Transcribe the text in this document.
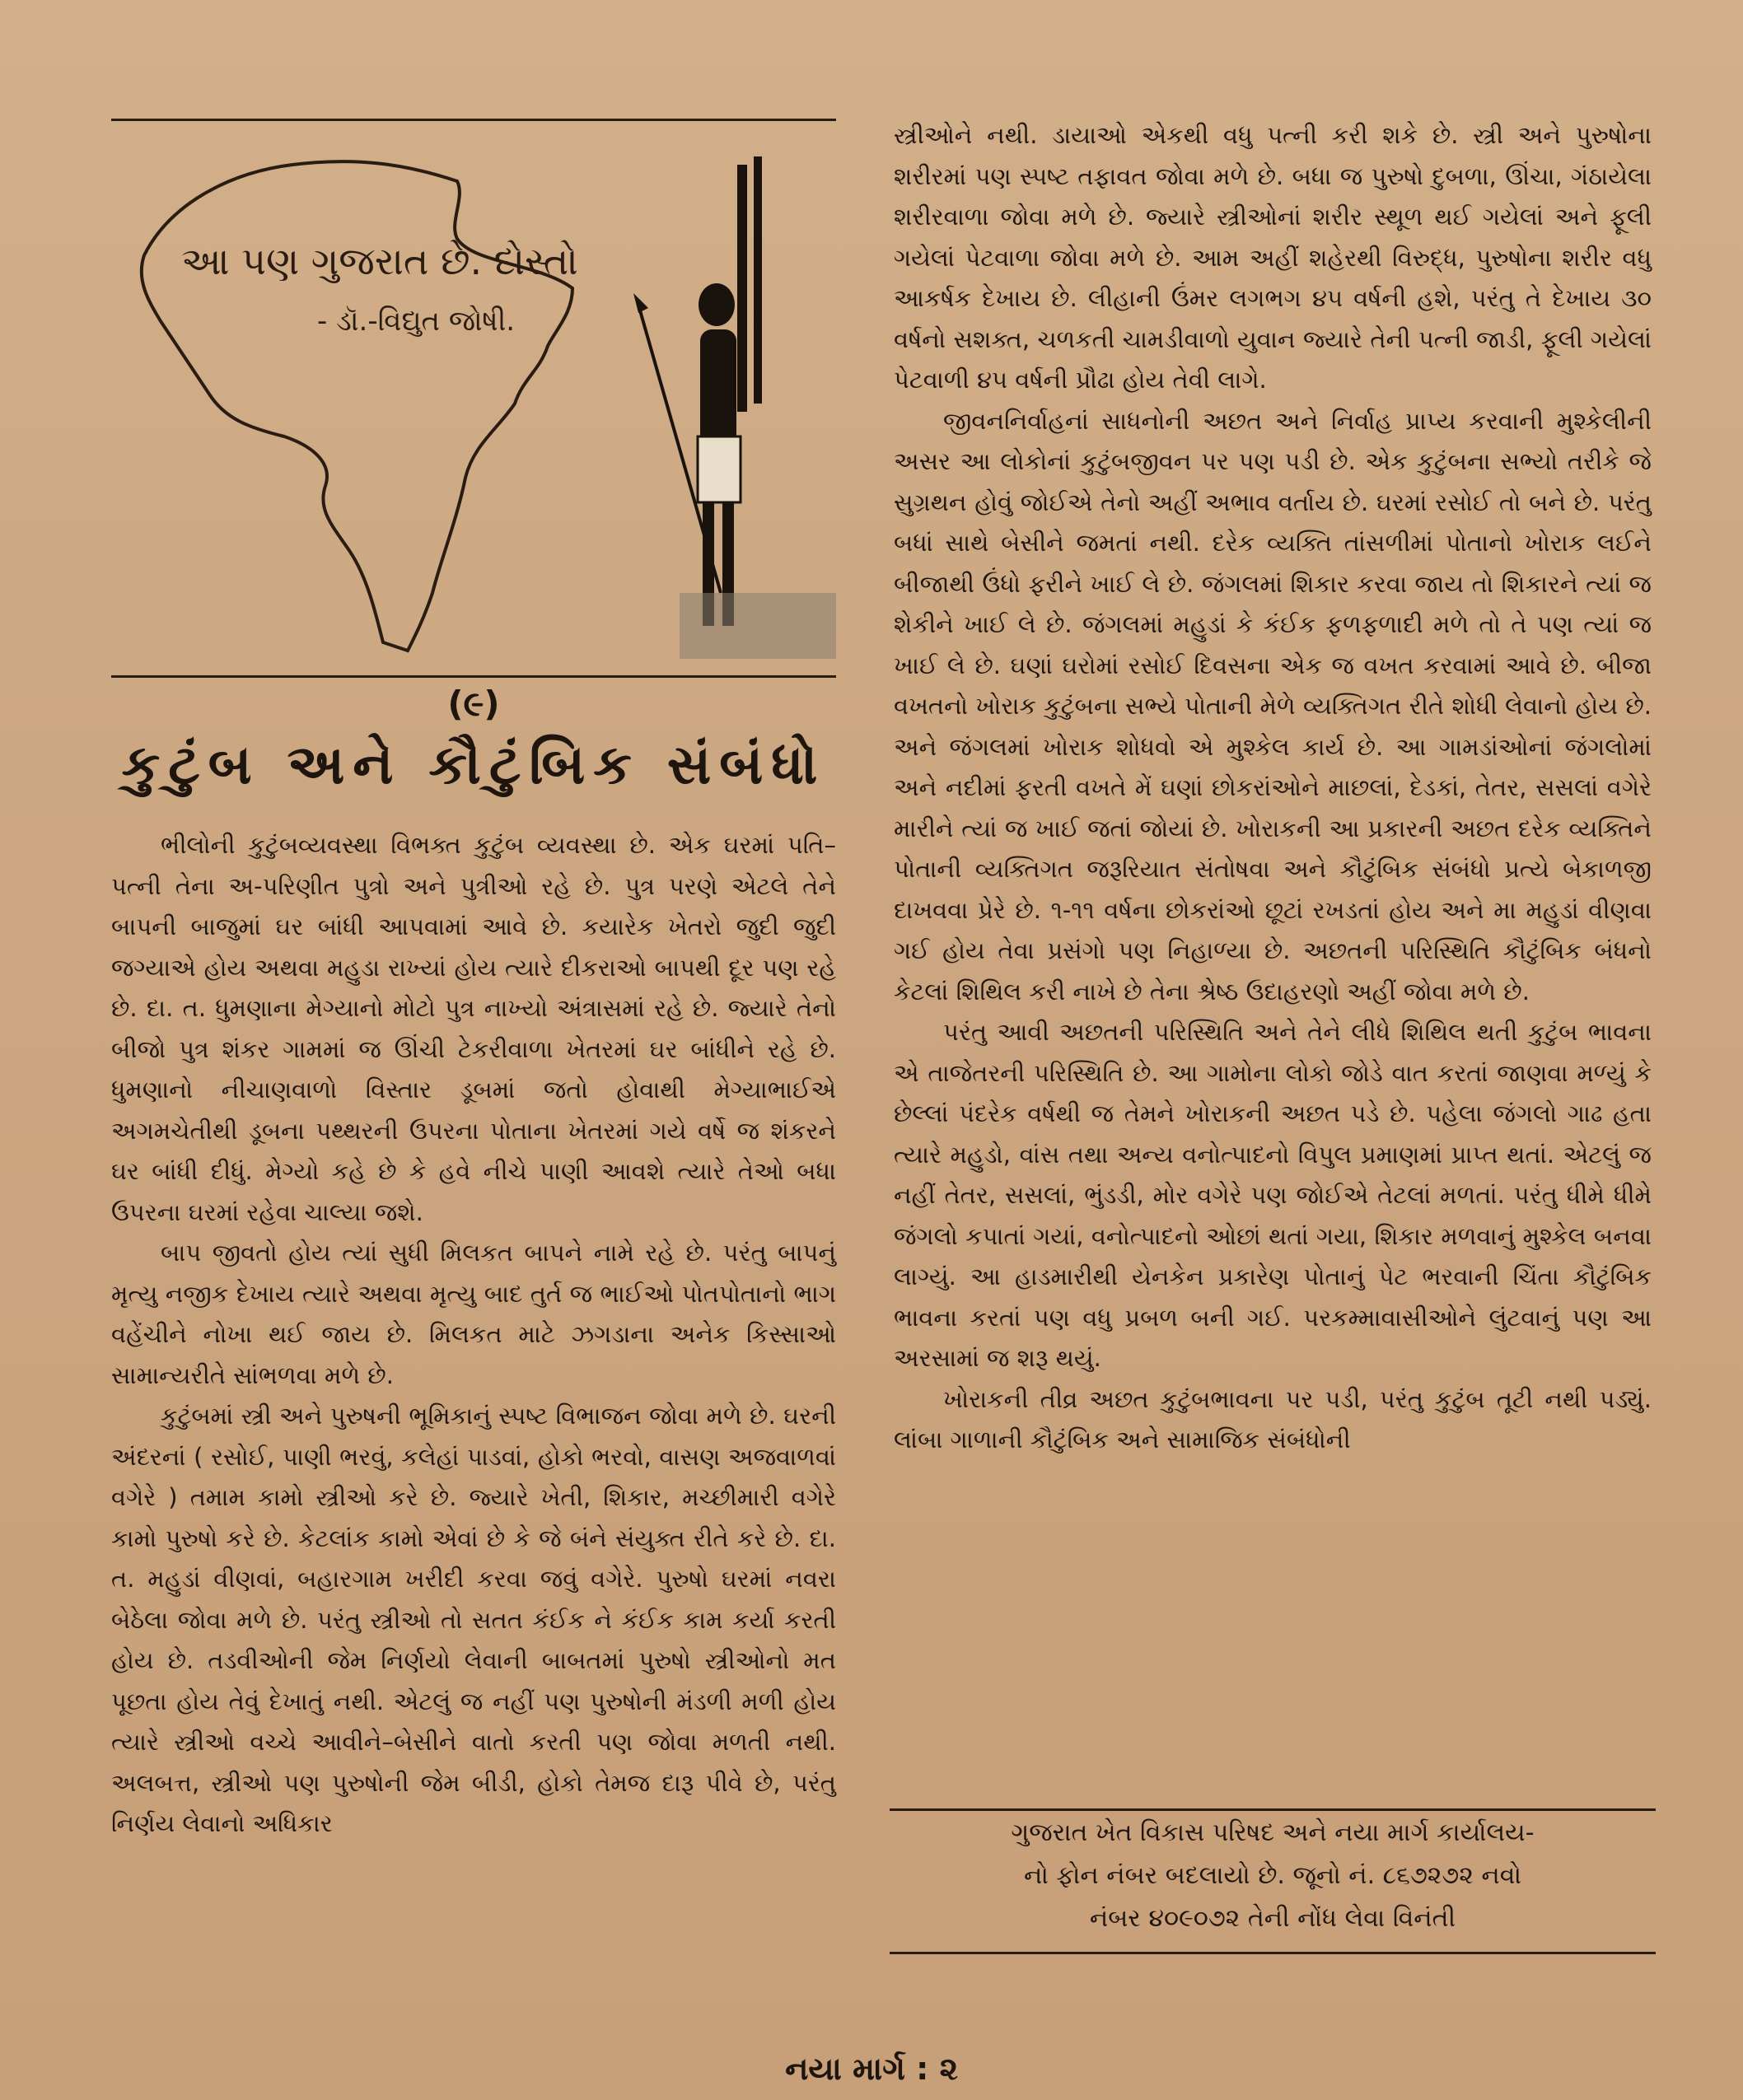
આ પણ ગુજરાત છે. દોસ્તો
- ડૉ.-વિદ્યુત જોષી.
(૯)
કુટુંબ અને કૌટુંબિક સંબંધો

ભીલોની કુટુંબવ્યવસ્થા વિભક્ત કુટુંબ વ્યવસ્થા છે. એક ઘરમાં પતિ–પત્ની તેના અ-પરિણીત પુત્રો અને પુત્રીઓ રહે છે. પુત્ર પરણે એટલે તેને બાપની બાજુમાં ઘર બાંધી આપવામાં આવે છે. કયારેક ખેતરો જુદી જુદી જગ્યાએ હોય અથવા મહુડા રાખ્યાં હોય ત્યારે દીકરાઓ બાપથી દૂર પણ રહે છે. દા. ત. ધુમણાના મેગ્યાનો મોટો પુત્ર નાખ્યો અંત્રાસમાં રહે છે. જ્યારે તેનો બીજો પુત્ર શંકર ગામમાં જ ઊંચી ટેકરીવાળા ખેતરમાં ઘર બાંધીને રહે છે. ધુમણાનો નીચાણવાળો વિસ્તાર ડૂબમાં જતો હોવાથી મેગ્યાભાઈએ અગમચેતીથી ડૂબના પથ્થરની ઉપરના પોતાના ખેતરમાં ગયે વર્ષે જ શંકરને ઘર બાંધી દીધું. મેગ્યો કહે છે કે હવે નીચે પાણી આવશે ત્યારે તેઓ બધા ઉપરના ઘરમાં રહેવા ચાલ્યા જશે.

બાપ જીવતો હોય ત્યાં સુધી મિલકત બાપને નામે રહે છે. પરંતુ બાપનું મૃત્યુ નજીક દેખાય ત્યારે અથવા મૃત્યુ બાદ તુર્ત જ ભાઈઓ પોતપોતાનો ભાગ વહેંચીને નોખા થઈ જાય છે. મિલકત માટે ઝગડાના અનેક કિસ્સાઓ સામાન્યરીતે સાંભળવા મળે છે.

કુટુંબમાં સ્ત્રી અને પુરુષની ભૂમિકાનું સ્પષ્ટ વિભાજન જોવા મળે છે. ઘરની અંદરનાં ( રસોઈ, પાણી ભરવું, કલેહાં પાડવાં, હોકો ભરવો, વાસણ અજવાળવાં વગેરે ) તમામ કામો સ્ત્રીઓ કરે છે. જ્યારે ખેતી, શિકાર, મચ્છીમારી વગેરે કામો પુરુષો કરે છે. કેટલાંક કામો એવાં છે કે જે બંને સંયુક્ત રીતે કરે છે. દા. ત. મહુડાં વીણવાં, બહારગામ ખરીદી કરવા જવું વગેરે. પુરુષો ઘરમાં નવરા બેઠેલા જોવા મળે છે. પરંતુ સ્ત્રીઓ તો સતત કંઈક ને કંઈક કામ કર્યા કરતી હોય છે. તડવીઓની જેમ નિર્ણયો લેવાની બાબતમાં પુરુષો સ્ત્રીઓનો મત પૂછતા હોય તેવું દેખાતું નથી. એટલું જ નહીં પણ પુરુષોની મંડળી મળી હોય ત્યારે સ્ત્રીઓ વચ્ચે આવીને–બેસીને વાતો કરતી પણ જોવા મળતી નથી. અલબત્ત, સ્ત્રીઓ પણ પુરુષોની જેમ બીડી, હોકો તેમજ દારૂ પીવે છે, પરંતુ નિર્ણય લેવાનો અધિકાર

સ્ત્રીઓને નથી. ડાયાઓ એકથી વધુ પત્ની કરી શકે છે. સ્ત્રી અને પુરુષોના શરીરમાં પણ સ્પષ્ટ તફાવત જોવા મળે છે. બધા જ પુરુષો દુબળા, ઊંચા, ગંઠાયેલા શરીરવાળા જોવા મળે છે. જ્યારે સ્ત્રીઓનાં શરીર સ્થૂળ થઈ ગયેલાં અને ફૂલી ગયેલાં પેટવાળા જોવા મળે છે. આમ અહીં શહેરથી વિરુદ્ધ, પુરુષોના શરીર વધુ આકર્ષક દેખાય છે. લીહાની ઉંમર લગભગ ૪૫ વર્ષની હશે, પરંતુ તે દેખાય ૩૦ વર્ષનો સશક્ત, ચળકતી ચામડીવાળો યુવાન જ્યારે તેની પત્ની જાડી, ફૂલી ગયેલાં પેટવાળી ૪૫ વર્ષની પ્રૌઢા હોય તેવી લાગે.

જીવનનિર્વાહનાં સાધનોની અછત અને નિર્વાહ પ્રાપ્ય કરવાની મુશ્કેલીની અસર આ લોકોનાં કુટુંબજીવન પર પણ પડી છે. એક કુટુંબના સભ્યો તરીકે જે સુગ્રથન હોવું જોઈએ તેનો અહીં અભાવ વર્તાય છે. ઘરમાં રસોઈ તો બને છે. પરંતુ બધાં સાથે બેસીને જમતાં નથી. દરેક વ્યક્તિ તાંસળીમાં પોતાનો ખોરાક લઈને બીજાથી ઉંધો ફરીને ખાઈ લે છે. જંગલમાં શિકાર કરવા જાય તો શિકારને ત્યાં જ શેકીને ખાઈ લે છે. જંગલમાં મહુડાં કે કંઈક ફળફળાદી મળે તો તે પણ ત્યાં જ ખાઈ લે છે. ઘણાં ઘરોમાં રસોઈ દિવસના એક જ વખત કરવામાં આવે છે. બીજા વખતનો ખોરાક કુટુંબના સભ્યે પોતાની મેળે વ્યક્તિગત રીતે શોધી લેવાનો હોય છે. અને જંગલમાં ખોરાક શોધવો એ મુશ્કેલ કાર્ય છે. આ ગામડાંઓનાં જંગલોમાં અને નદીમાં ફરતી વખતે મેં ઘણાં છોકરાંઓને માછલાં, દેડકાં, તેતર, સસલાં વગેરે મારીને ત્યાં જ ખાઈ જતાં જોયાં છે. ખોરાકની આ પ્રકારની અછત દરેક વ્યક્તિને પોતાની વ્યક્તિગત જરૂરિયાત સંતોષવા અને કૌટુંબિક સંબંધો પ્રત્યે બેકાળજી દાખવવા પ્રેરે છે. ૧-૧૧ વર્ષના છોકરાંઓ છૂટાં રખડતાં હોય અને મા મહુડાં વીણવા ગઈ હોય તેવા પ્રસંગો પણ નિહાળ્યા છે. અછતની પરિસ્થિતિ કૌટુંબિક બંધનો કેટલાં શિથિલ કરી નાખે છે તેના શ્રેષ્ઠ ઉદાહરણો અહીં જોવા મળે છે.

પરંતુ આવી અછતની પરિસ્થિતિ અને તેને લીધે શિથિલ થતી કુટુંબ ભાવના એ તાજેતરની પરિસ્થિતિ છે. આ ગામોના લોકો જોડે વાત કરતાં જાણવા મળ્યું કે છેલ્લાં પંદરેક વર્ષથી જ તેમને ખોરાકની અછત પડે છે. પહેલા જંગલો ગાઢ હતા ત્યારે મહુડો, વાંસ તથા અન્ય વનોત્પાદનો વિપુલ પ્રમાણમાં પ્રાપ્ત થતાં. એટલું જ નહીં તેતર, સસલાં, ભુંડડી, મોર વગેરે પણ જોઈએ તેટલાં મળતાં. પરંતુ ધીમે ધીમે જંગલો કપાતાં ગયાં, વનોત્પાદનો ઓછાં થતાં ગયા, શિકાર મળવાનું મુશ્કેલ બનવા લાગ્યું. આ હાડમારીથી યેનકેન પ્રકારેણ પોતાનું પેટ ભરવાની ચિંતા કૌટુંબિક ભાવના કરતાં પણ વધુ પ્રબળ બની ગઈ. પરકમ્માવાસીઓને લુંટવાનું પણ આ અરસામાં જ શરૂ થયું.

ખોરાકની તીવ્ર અછત કુટુંબભાવના પર પડી, પરંતુ કુટુંબ તૂટી નથી પડ્યું. લાંબા ગાળાની કૌટુંબિક અને સામાજિક સંબંધોની

ગુજરાત ખેત વિકાસ પરિષદ અને નયા માર્ગ કાર્યાલય-
નો ફોન નંબર બદલાયો છે. જૂનો નં. ૮૬૭૨૭૨ નવો
નંબર ૪૦૯૦૭૨ તેની નોંધ લેવા વિનંતી
નયા માર્ગ : ૨
